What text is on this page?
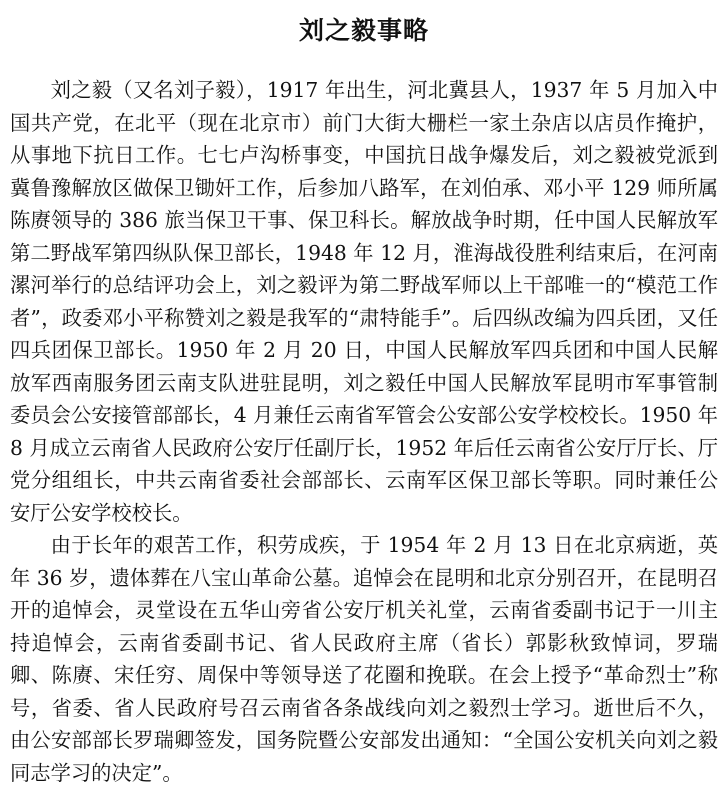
刘之毅事略

刘之毅（又名刘子毅），1917 年出生，河北冀县人，1937 年 5 月加入中国共产党，在北平（现在北京市）前门大街大栅栏一家土杂店以店员作掩护，从事地下抗日工作。七七卢沟桥事变，中国抗日战争爆发后，刘之毅被党派到冀鲁豫解放区做保卫锄奸工作，后参加八路军，在刘伯承、邓小平 129 师所属陈赓领导的 386 旅当保卫干事、保卫科长。解放战争时期，任中国人民解放军第二野战军第四纵队保卫部长，1948 年 12 月，淮海战役胜利结束后，在河南漯河举行的总结评功会上，刘之毅评为第二野战军师以上干部唯一的“模范工作者”，政委邓小平称赞刘之毅是我军的“肃特能手”。后四纵改编为四兵团，又任四兵团保卫部长。1950 年 2 月 20 日，中国人民解放军四兵团和中国人民解放军西南服务团云南支队进驻昆明，刘之毅任中国人民解放军昆明市军事管制委员会公安接管部部长，4 月兼任云南省军管会公安部公安学校校长。1950 年 8 月成立云南省人民政府公安厅任副厅长，1952 年后任云南省公安厅厅长、厅党分组组长，中共云南省委社会部部长、云南军区保卫部长等职。同时兼任公安厅公安学校校长。

由于长年的艰苦工作，积劳成疾，于 1954 年 2 月 13 日在北京病逝，英年 36 岁，遗体葬在八宝山革命公墓。追悼会在昆明和北京分别召开，在昆明召开的追悼会，灵堂设在五华山旁省公安厅机关礼堂，云南省委副书记于一川主持追悼会，云南省委副书记、省人民政府主席（省长）郭影秋致悼词，罗瑞卿、陈赓、宋任穷、周保中等领导送了花圈和挽联。在会上授予“革命烈士”称号，省委、省人民政府号召云南省各条战线向刘之毅烈士学习。逝世后不久，由公安部部长罗瑞卿签发，国务院暨公安部发出通知：“全国公安机关向刘之毅同志学习的决定”。
